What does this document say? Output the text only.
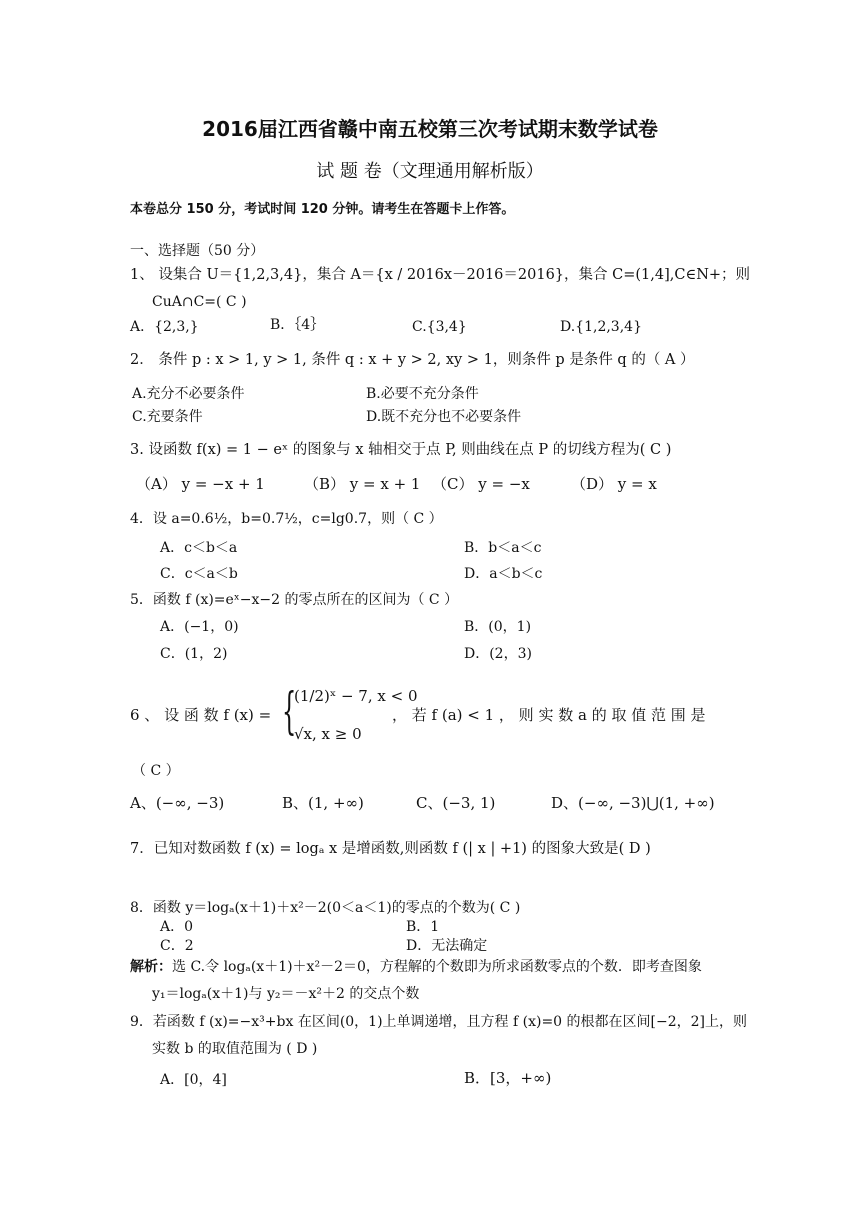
2016届江西省赣中南五校第三次考试期末数学试卷
试 题 卷（文理通用解析版）
本卷总分 150 分，考试时间 120 分钟。请考生在答题卡上作答。
一、选择题（50 分）
1、 设集合 U＝{1,2,3,4}，集合 A＝{x / 2016x－2016＝2016}，集合 C=(1,4],C∈N+；则
CuA∩C=( C )
A．{2,3,}	B．｛4｝	C.{3,4}	D.{1,2,3,4}
2． 条件 p : x > 1, y > 1, 条件 q : x + y > 2, xy > 1，则条件 p 是条件 q 的（ A ）
A.充分不必要条件	B.必要不充分条件
C.充要条件	D.既不充分也不必要条件
3. 设函数 f(x) = 1 − eˣ 的图象与 x 轴相交于点 P, 则曲线在点 P 的切线方程为( C )
（A） y = −x + 1	（B） y = x + 1 （C） y = −x	（D） y = x
4．设 a=0.6½，b=0.7½，c=lg0.7，则（ C ）
A．c＜b＜a	B．b＜a＜c
C．c＜a＜b	D．a＜b＜c
5．函数 f (x)=eˣ−x−2 的零点所在的区间为（ C ）
A．(−1，0)	B．(0，1)
C．(1，2)	D．(2，3)
6 、 设 函 数 f (x) = {
(1/2)ˣ − 7, x < 0
√x, x ≥ 0
， 若 f (a) < 1 ， 则 实 数 a 的 取 值 范 围 是
（ C ）
A、(−∞, −3)	B、(1, +∞)	C、(−3, 1)	D、(−∞, −3)⋃(1, +∞)
7．已知对数函数 f (x) = logₐ x 是增函数,则函数 f (| x | +1) 的图象大致是( D )
8．函数 y＝logₐ(x＋1)＋x²－2(0＜a＜1)的零点的个数为( C )
A．0	B．1
C．2	D．无法确定
解析：选 C.令 logₐ(x＋1)＋x²－2＝0，方程解的个数即为所求函数零点的个数．即考查图象
y₁＝logₐ(x＋1)与 y₂＝－x²＋2 的交点个数
9．若函数 f (x)=−x³+bx 在区间(0，1)上单调递增，且方程 f (x)=0 的根都在区间[−2，2]上，则
实数 b 的取值范围为 ( D )
A．[0，4]	B．[3，+∞)
